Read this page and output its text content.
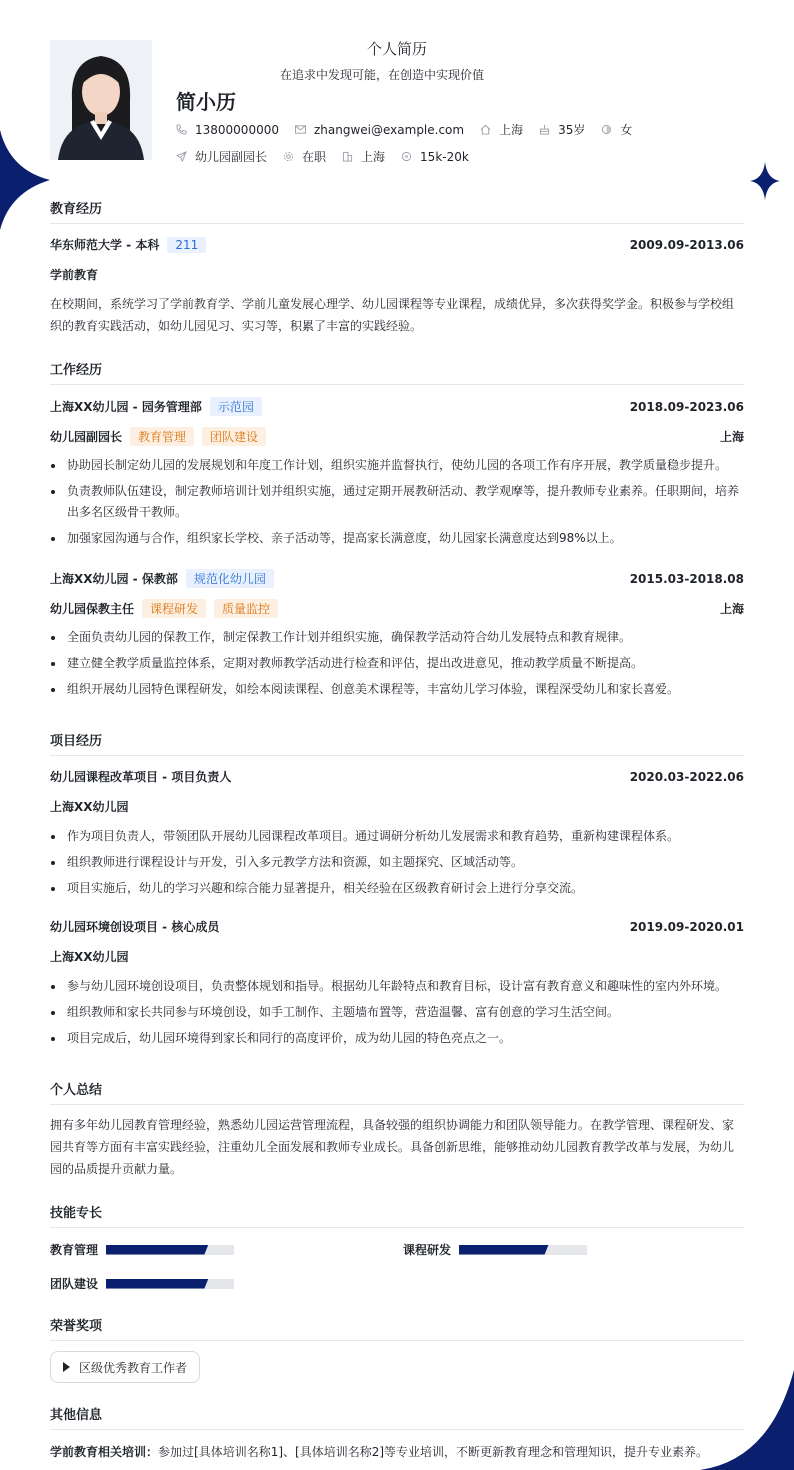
个人简历
在追求中发现可能，在创造中实现价值
简小历
13800000000	zhangwei@example.com	上海	35岁	女
幼儿园副园长	在职	上海	15k-20k
教育经历
华东师范大学 - 本科	211	2009.09-2013.06
学前教育
在校期间，系统学习了学前教育学、学前儿童发展心理学、幼儿园课程等专业课程，成绩优异，多次获得奖学金。积极参与学校组织的教育实践活动，如幼儿园见习、实习等，积累了丰富的实践经验。
工作经历
上海XX幼儿园 - 园务管理部	示范园	2018.09-2023.06
幼儿园副园长	教育管理	团队建设	上海
协助园长制定幼儿园的发展规划和年度工作计划，组织实施并监督执行，使幼儿园的各项工作有序开展，教学质量稳步提升。
负责教师队伍建设，制定教师培训计划并组织实施，通过定期开展教研活动、教学观摩等，提升教师专业素养。任职期间，培养出多名区级骨干教师。
加强家园沟通与合作，组织家长学校、亲子活动等，提高家长满意度，幼儿园家长满意度达到98%以上。
上海XX幼儿园 - 保教部	规范化幼儿园	2015.03-2018.08
幼儿园保教主任	课程研发	质量监控	上海
全面负责幼儿园的保教工作，制定保教工作计划并组织实施，确保教学活动符合幼儿发展特点和教育规律。
建立健全教学质量监控体系，定期对教师教学活动进行检查和评估，提出改进意见，推动教学质量不断提高。
组织开展幼儿园特色课程研发，如绘本阅读课程、创意美术课程等，丰富幼儿学习体验，课程深受幼儿和家长喜爱。
项目经历
幼儿园课程改革项目 - 项目负责人	2020.03-2022.06
上海XX幼儿园
作为项目负责人，带领团队开展幼儿园课程改革项目。通过调研分析幼儿发展需求和教育趋势，重新构建课程体系。
组织教师进行课程设计与开发，引入多元教学方法和资源，如主题探究、区域活动等。
项目实施后，幼儿的学习兴趣和综合能力显著提升，相关经验在区级教育研讨会上进行分享交流。
幼儿园环境创设项目 - 核心成员	2019.09-2020.01
上海XX幼儿园
参与幼儿园环境创设项目，负责整体规划和指导。根据幼儿年龄特点和教育目标，设计富有教育意义和趣味性的室内外环境。
组织教师和家长共同参与环境创设，如手工制作、主题墙布置等，营造温馨、富有创意的学习生活空间。
项目完成后，幼儿园环境得到家长和同行的高度评价，成为幼儿园的特色亮点之一。
个人总结
拥有多年幼儿园教育管理经验，熟悉幼儿园运营管理流程，具备较强的组织协调能力和团队领导能力。在教学管理、课程研发、家园共育等方面有丰富实践经验，注重幼儿全面发展和教师专业成长。具备创新思维，能够推动幼儿园教育教学改革与发展，为幼儿园的品质提升贡献力量。
技能专长
教育管理	课程研发
团队建设
荣誉奖项
区级优秀教育工作者
其他信息
学前教育相关培训： 参加过[具体培训名称1]、[具体培训名称2]等专业培训，不断更新教育理念和管理知识，提升专业素养。
